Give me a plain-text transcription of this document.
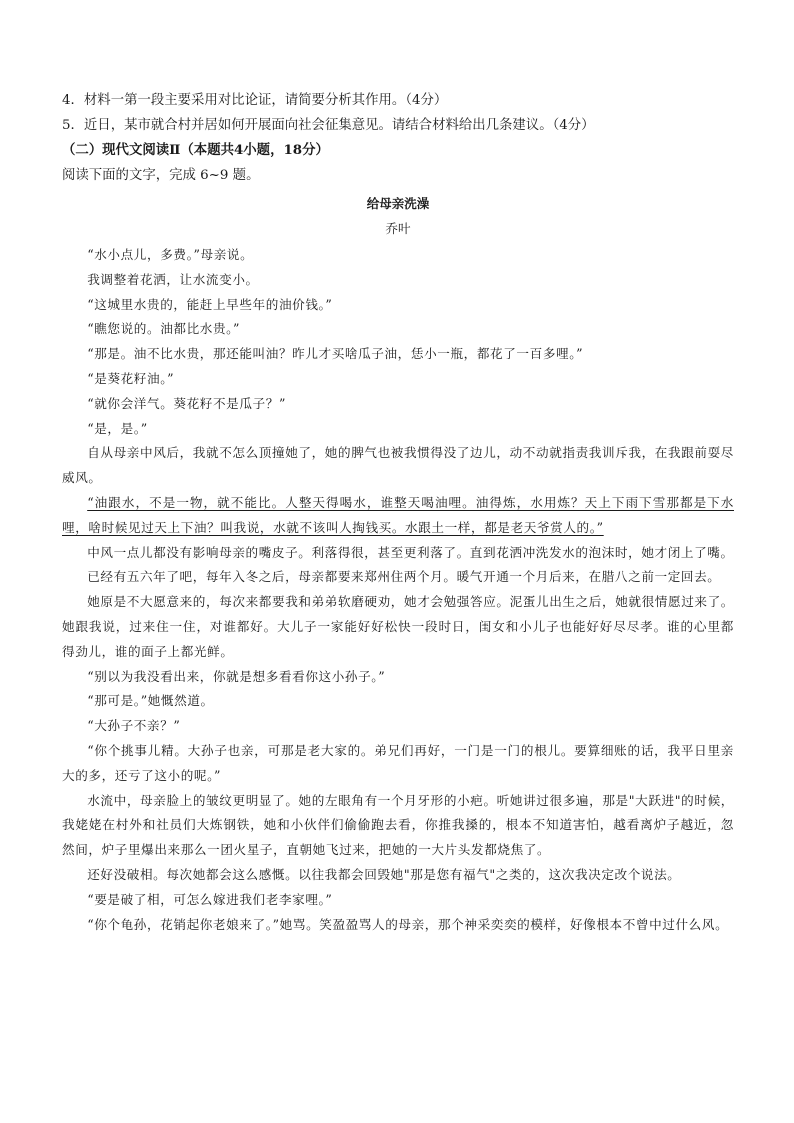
4．材料一第一段主要采用对比论证，请简要分析其作用。（4分）

5．近日，某市就合村并居如何开展面向社会征集意见。请结合材料给出几条建议。（4分）

（二）现代文阅读Ⅱ（本题共4小题，18分）

阅读下面的文字，完成 6~9 题。

给母亲洗澡

乔叶

“水小点儿，多费。”母亲说。

我调整着花洒，让水流变小。

“这城里水贵的，能赶上早些年的油价钱。”

“瞧您说的。油都比水贵。”

“那是。油不比水贵，那还能叫油？昨儿才买啥瓜子油，恁小一瓶，都花了一百多哩。”

“是葵花籽油。”

“就你会洋气。葵花籽不是瓜子？”

“是，是。”

自从母亲中风后，我就不怎么顶撞她了，她的脾气也被我惯得没了边儿，动不动就指责我训斥我，在我跟前耍尽威风。

“油跟水，不是一物，就不能比。人整天得喝水，谁整天喝油哩。油得炼，水用炼？天上下雨下雪那都是下水哩，啥时候见过天上下油？叫我说，水就不该叫人掏钱买。水跟土一样，都是老天爷赏人的。”

中风一点儿都没有影响母亲的嘴皮子。利落得很，甚至更利落了。直到花洒冲洗发水的泡沫时，她才闭上了嘴。

已经有五六年了吧，每年入冬之后，母亲都要来郑州住两个月。暖气开通一个月后来，在腊八之前一定回去。

她原是不大愿意来的，每次来都要我和弟弟软磨硬劝，她才会勉强答应。泥蛋儿出生之后，她就很情愿过来了。她跟我说，过来住一住，对谁都好。大儿子一家能好好松快一段时日，闺女和小儿子也能好好尽尽孝。谁的心里都得劲儿，谁的面子上都光鲜。

“别以为我没看出来，你就是想多看看你这小孙子。”

“那可是。”她慨然道。

“大孙子不亲？”

“你个挑事儿精。大孙子也亲，可那是老大家的。弟兄们再好，一门是一门的根儿。要算细账的话，我平日里亲大的多，还亏了这小的呢。”

水流中，母亲脸上的皱纹更明显了。她的左眼角有一个月牙形的小疤。听她讲过很多遍，那是"大跃进"的时候，我姥姥在村外和社员们大炼钢铁，她和小伙伴们偷偷跑去看，你推我搡的，根本不知道害怕，越看离炉子越近，忽然间，炉子里爆出来那么一团火星子，直朝她飞过来，把她的一大片头发都烧焦了。

还好没破相。每次她都会这么感慨。以往我都会回毁她"那是您有福气"之类的，这次我决定改个说法。

“要是破了相，可怎么嫁进我们老李家哩。”

“你个龟孙，花销起你老娘来了。”她骂。笑盈盈骂人的母亲，那个神采奕奕的模样，好像根本不曾中过什么风。
